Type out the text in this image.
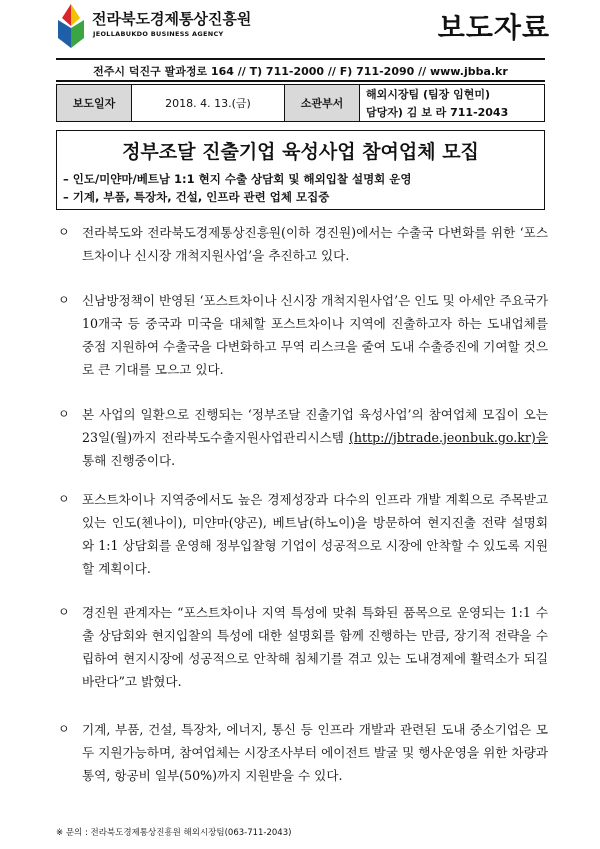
전라북도경제통상진흥원
JEOLLABUKDO BUSINESS AGENCY	보도자료
전주시 덕진구 팔과정로 164 // T) 711-2000 // F) 711-2090 // www.jbba.kr
보도일자	2018. 4. 13.(금)	소관부서	해외시장팀 (팀장 임현미)
담당자) 김 보 라 711-2043
정부조달 진출기업 육성사업 참여업체 모집
– 인도/미얀마/베트남 1:1 현지 수출 상담회 및 해외입찰 설명회 운영
– 기계, 부품, 특장차, 건설, 인프라 관련 업체 모집중
ㅇ 전라북도와 전라북도경제통상진흥원(이하 경진원)에서는 수출국 다변화를 위한 ‘포스트차이나 신시장 개척지원사업’을 추진하고 있다.
ㅇ 신남방정책이 반영된 ‘포스트차이나 신시장 개척지원사업’은 인도 및 아세안 주요국가 10개국 등 중국과 미국을 대체할 포스트차이나 지역에 진출하고자 하는 도내업체를 중점 지원하여 수출국을 다변화하고 무역 리스크을 줄여 도내 수출증진에 기여할 것으로 큰 기대를 모으고 있다.
ㅇ 본 사업의 일환으로 진행되는 ‘정부조달 진출기업 육성사업’의 참여업체 모집이 오는 23일(월)까지 전라북도수출지원사업관리시스템 (http://jbtrade.jeonbuk.go.kr)을 통해 진행중이다.
ㅇ 포스트차이나 지역중에서도 높은 경제성장과 다수의 인프라 개발 계획으로 주목받고 있는 인도(첸나이), 미얀마(양곤), 베트남(하노이)을 방문하여 현지진출 전략 설명회와 1:1 상담회를 운영해 정부입찰형 기업이 성공적으로 시장에 안착할 수 있도록 지원할 계획이다.
ㅇ 경진원 관계자는 “포스트차이나 지역 특성에 맞춰 특화된 품목으로 운영되는 1:1 수출 상담회와 현지입찰의 특성에 대한 설명회를 함께 진행하는 만큼, 장기적 전략을 수립하여 현지시장에 성공적으로 안착해 침체기를 겪고 있는 도내경제에 활력소가 되길 바란다”고 밝혔다.
ㅇ 기계, 부품, 건설, 특장차, 에너지, 통신 등 인프라 개발과 관련된 도내 중소기업은 모두 지원가능하며, 참여업체는 시장조사부터 에이전트 발굴 및 행사운영을 위한 차량과 통역, 항공비 일부(50%)까지 지원받을 수 있다.
※ 문의 : 전라북도경제통상진흥원 해외시장팀(063-711-2043)
